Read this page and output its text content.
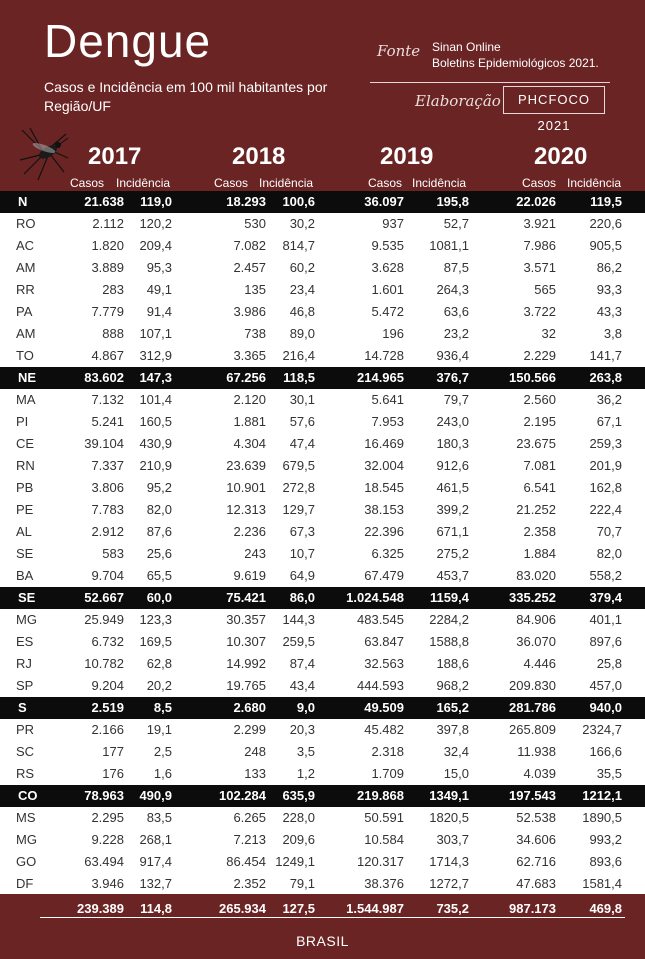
Dengue
Casos e Incidência em 100 mil habitantes por Região/UF
Fonte Sinan Online
Boletins Epidemiológicos 2021.
Elaboração	PHCFOCO 2021
2017	2018	2019	2020
Casos Incidência	Casos Incidência	Casos Incidência	Casos Incidência
N	21.638 119,0	18.293 100,6	36.097 195,8	22.026	119,5
RO	2.112 120,2	530 30,2	937	52,7	3.921	220,6
AC	1.820 209,4	7.082 814,7	9.535 1081,1	7.986	905,5
AM	3.889 95,3	2.457 60,2	3.628	87,5	3.571	86,2
RR	283 49,1	135 23,4	1.601 264,3	565	93,3
PA	7.779 91,4	3.986 46,8	5.472	63,6	3.722	43,3
AM	888 107,1	738 89,0	196	23,2	32	3,8
TO	4.867 312,9	3.365 216,4	14.728 936,4	2.229	141,7
NE	83.602 147,3	67.256 118,5	214.965 376,7	150.566	263,8
MA	7.132 101,4	2.120 30,1	5.641	79,7	2.560	36,2
PI	5.241 160,5	1.881 57,6	7.953 243,0	2.195	67,1
CE	39.104 430,9	4.304 47,4	16.469 180,3	23.675	259,3
RN	7.337 210,9	23.639 679,5	32.004 912,6	7.081	201,9
PB	3.806 95,2	10.901 272,8	18.545 461,5	6.541	162,8
PE	7.783 82,0	12.313 129,7	38.153 399,2	21.252	222,4
AL	2.912 87,6	2.236 67,3	22.396 671,1	2.358	70,7
SE	583 25,6	243 10,7	6.325 275,2	1.884	82,0
BA	9.704 65,5	9.619 64,9	67.479 453,7	83.020	558,2
SE	52.667 60,0	75.421 86,0 1.024.548 1159,4	335.252	379,4
MG	25.949 123,3	30.357 144,3	483.545 2284,2	84.906	401,1
ES	6.732 169,5	10.307 259,5	63.847 1588,8	36.070	897,6
RJ	10.782 62,8	14.992 87,4	32.563 188,6	4.446	25,8
SP	9.204 20,2	19.765 43,4	444.593 968,2	209.830	457,0
S	2.519 8,5	2.680 9,0	49.509 165,2	281.786	940,0
PR	2.166 19,1	2.299 20,3	45.482 397,8	265.809 2324,7
SC	177 2,5	248 3,5	2.318	32,4	11.938	166,6
RS	176 1,6	133 1,2	1.709	15,0	4.039	35,5
CO	78.963 490,9	102.284 635,9	219.868 1349,1	197.543 1212,1
MS	2.295 83,5	6.265 228,0	50.591 1820,5	52.538 1890,5
MG	9.228 268,1	7.213 209,6	10.584 303,7	34.606	993,2
GO	63.494 917,4	86.454 1249,1	120.317 1714,3	62.716	893,6
DF	3.946 132,7	2.352 79,1	38.376 1272,7	47.683 1581,4
239.389 114,8	265.934 127,5 1.544.987 735,2	987.173	469,8
BRASIL
